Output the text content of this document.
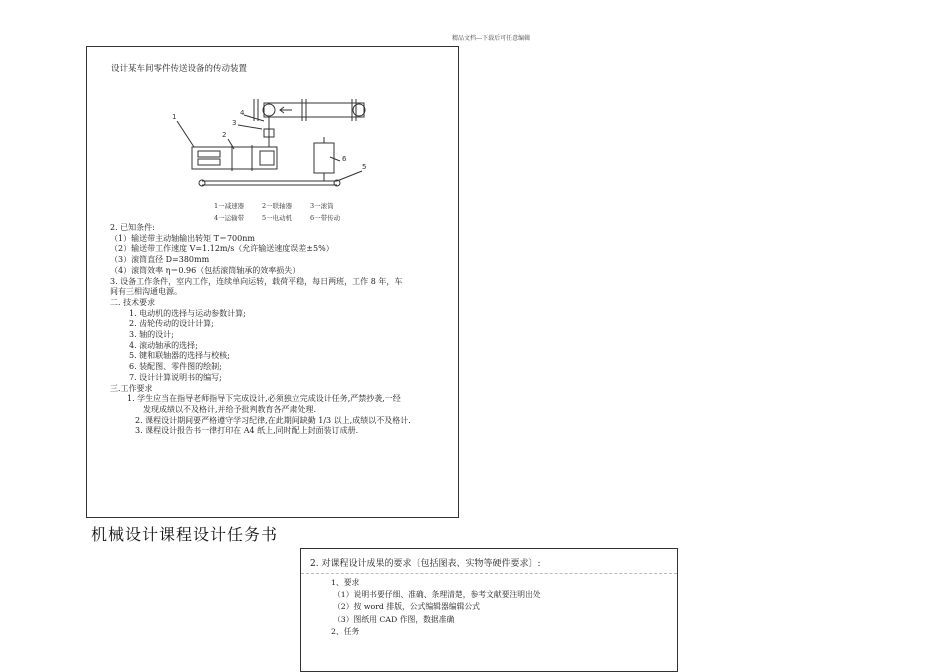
精品文档---下载后可任意编辑
设计某车间零件传送设备的传动装置
1
2
3
4
5
6
1一减速器	2一联轴器	3一滚筒
4一运输带	5一电动机	6一带传动
2. 已知条件:
（1）输送带主动轴输出转矩 T＝700nm
（2）输送带工作速度 V=1.12m/s（允许输送速度误差±5%）
（3）滚筒直径 D=380mm
（4）滚筒效率 η＝0.96（包括滚筒轴承的效率损失）
3. 设备工作条件，室内工作，连续单向运转，载荷平稳，每日两班，工作 8 年，车
间有三相沟通电源。
二. 技术要求
1. 电动机的选择与运动参数计算;
2. 齿轮传动的设计计算;
3. 轴的设计;
4. 滚动轴承的选择;
5. 键和联轴器的选择与校核;
6. 装配图、零件图的绘制;
7. 设计计算说明书的编写;
三.工作要求
1. 学生应当在指导老师指导下完成设计,必须独立完成设计任务,严禁抄袭,一经
发现成绩以不及格计,并给予批判教育各严肃处理.
2. 课程设计期间要严格遵守学习纪律,在此期间缺勤 1/3 以上,成绩以不及格计.
3. 课程设计报告书一律打印在 A4 纸上,同时配上封面装订成册.
机械设计课程设计任务书
2. 对课程设计成果的要求〔包括图表、实物等硬件要求〕:
1、要求
（1）说明书要仔细、准确、条理清楚，参考文献要注明出处
（2）按 word 排版，公式编辑器编辑公式
（3）图纸用 CAD 作图，数据准确
2、任务
